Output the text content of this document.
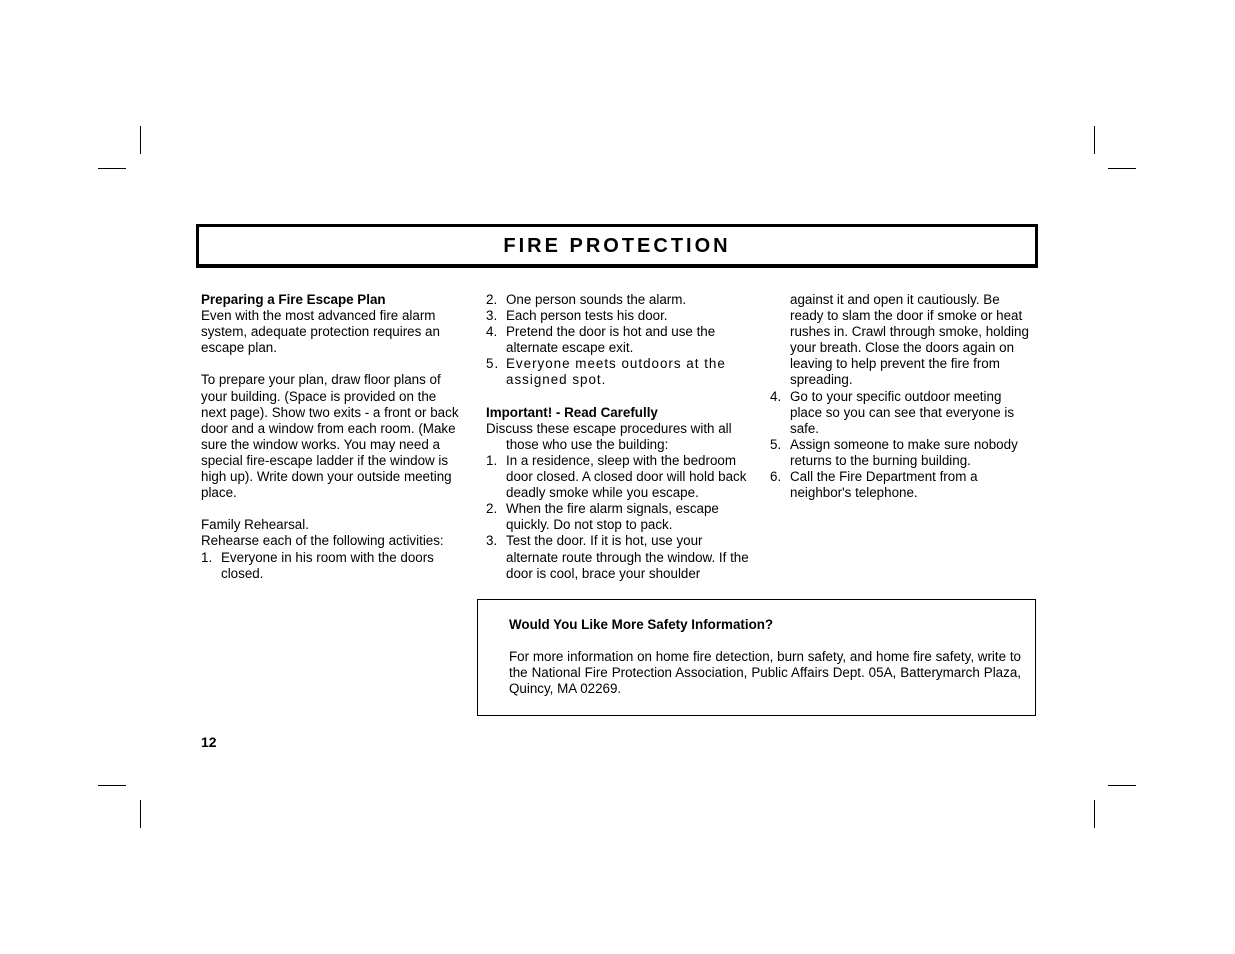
FIRE PROTECTION

Preparing a Fire Escape Plan

Even with the most advanced fire alarm system, adequate protection requires an escape plan.

To prepare your plan, draw floor plans of your building. (Space is provided on the next page). Show two exits - a front or back door and a window from each room. (Make sure the window works. You may need a special fire-escape ladder if the window is high up). Write down your outside meeting place.

Family Rehearsal.

Rehearse each of the following activities:

1. Everyone in his room with the doors closed.
2. One person sounds the alarm.
3. Each person tests his door.
4. Pretend the door is hot and use the alternate escape exit.
5. Everyone meets outdoors at the assigned spot.

Important! - Read Carefully

Discuss these escape procedures with all those who use the building:

1. In a residence, sleep with the bedroom door closed. A closed door will hold back deadly smoke while you escape.
2. When the fire alarm signals, escape quickly. Do not stop to pack.
3. Test the door. If it is hot, use your alternate route through the window. If the door is cool, brace your shoulder

against it and open it cautiously. Be ready to slam the door if smoke or heat rushes in. Crawl through smoke, holding your breath. Close the doors again on leaving to help prevent the fire from spreading.

4. Go to your specific outdoor meeting place so you can see that everyone is safe.
5. Assign someone to make sure nobody returns to the burning building.
6. Call the Fire Department from a neighbor's telephone.
Would You Like More Safety Information?
For more information on home fire detection, burn safety, and home fire safety, write to the National Fire Protection Association, Public Affairs Dept. 05A, Batterymarch Plaza, Quincy, MA 02269.
12
